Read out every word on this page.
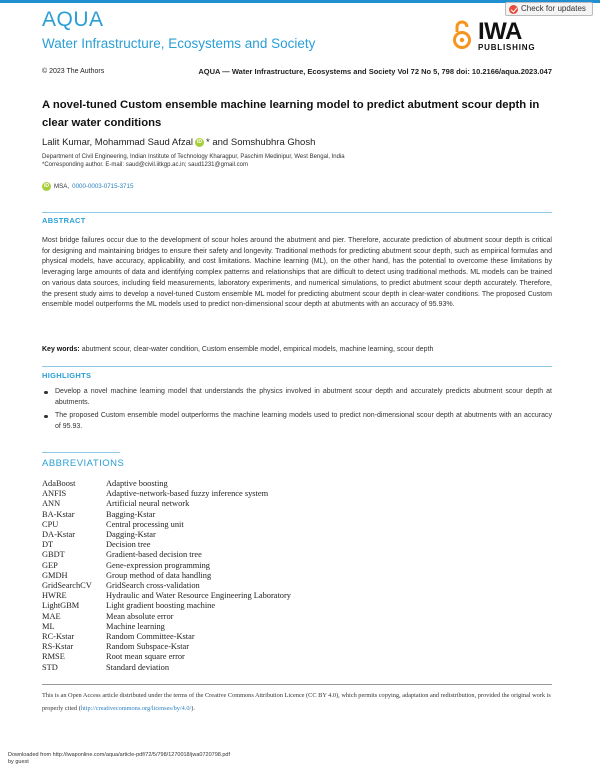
AQUA
Water Infrastructure, Ecosystems and Society
Check for updates
IWA
PUBLISHING
© 2023 The Authors	AQUA — Water Infrastructure, Ecosystems and Society Vol 72 No 5, 798 doi: 10.2166/aqua.2023.047
A novel-tuned Custom ensemble machine learning model to predict abutment scour depth in clear water conditions
Lalit Kumar, Mohammad Saud Afzal iD * and Somshubhra Ghosh
Department of Civil Engineering, Indian Institute of Technology Kharagpur, Paschim Medinipur, West Bengal, India
*Corresponding author. E-mail: saud@civil.iitkgp.ac.in; saud1231@gmail.com
iD MSA, 0000-0003-0715-3715
ABSTRACT
Most bridge failures occur due to the development of scour holes around the abutment and pier. Therefore, accurate prediction of abutment scour depth is critical for designing and maintaining bridges to ensure their safety and longevity. Traditional methods for predicting abutment scour depth, such as empirical formulas and physical models, have accuracy, applicability, and cost limitations. Machine learning (ML), on the other hand, has the potential to overcome these limitations by leveraging large amounts of data and identifying complex patterns and relationships that are difficult to detect using traditional methods. ML models can be trained on various data sources, including field measurements, laboratory experiments, and numerical simulations, to predict abutment scour depth accurately. Therefore, the present study aims to develop a novel-tuned Custom ensemble ML model for predicting abutment scour depth in clear-water conditions. The proposed Custom ensemble model outperforms the ML models used to predict non-dimensional scour depth at abutments with an accuracy of 95.93%.
Key words: abutment scour, clear-water condition, Custom ensemble model, empirical models, machine learning, scour depth
HIGHLIGHTS
Develop a novel machine learning model that understands the physics involved in abutment scour depth and accurately predicts abutment scour depth at abutments.
The proposed Custom ensemble model outperforms the machine learning models used to predict non-dimensional scour depth at abutments with an accuracy of 95.93.
ABBREVIATIONS
AdaBoost	Adaptive boosting
ANFIS	Adaptive-network-based fuzzy inference system
ANN	Artificial neural network
BA-Kstar	Bagging-Kstar
CPU	Central processing unit
DA-Kstar	Dagging-Kstar
DT	Decision tree
GBDT	Gradient-based decision tree
GEP	Gene-expression programming
GMDH	Group method of data handling
GridSearchCV	GridSearch cross-validation
HWRE	Hydraulic and Water Resource Engineering Laboratory
LightGBM	Light gradient boosting machine
MAE	Mean absolute error
ML	Machine learning
RC-Kstar	Random Committee-Kstar
RS-Kstar	Random Subspace-Kstar
RMSE	Root mean square error
STD	Standard deviation
This is an Open Access article distributed under the terms of the Creative Commons Attribution Licence (CC BY 4.0), which permits copying, adaptation and redistribution, provided the original work is properly cited (http://creativecommons.org/licenses/by/4.0/).
Downloaded from http://iwaponline.com/aqua/article-pdf/72/5/798/1270018/jwa0720798.pdf
by guest
